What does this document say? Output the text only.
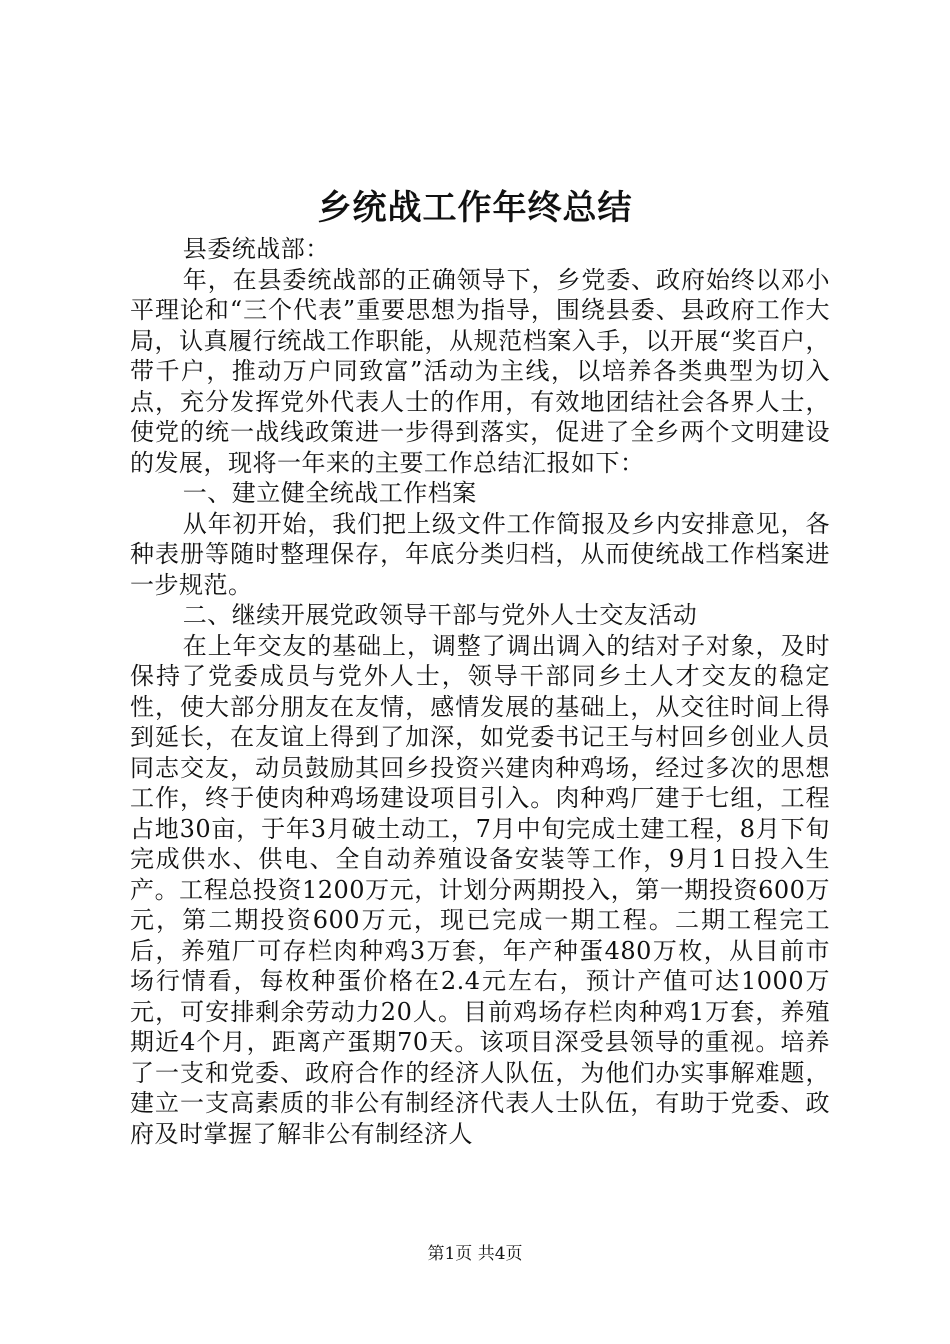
乡统战工作年终总结

县委统战部：

年，在县委统战部的正确领导下，乡党委、政府始终以邓小平理论和“三个代表”重要思想为指导，围绕县委、县政府工作大局，认真履行统战工作职能，从规范档案入手，以开展“奖百户，带千户，推动万户同致富”活动为主线，以培养各类典型为切入点，充分发挥党外代表人士的作用，有效地团结社会各界人士，使党的统一战线政策进一步得到落实，促进了全乡两个文明建设的发展，现将一年来的主要工作总结汇报如下：

一、建立健全统战工作档案

从年初开始，我们把上级文件工作简报及乡内安排意见，各种表册等随时整理保存，年底分类归档，从而使统战工作档案进一步规范。

二、继续开展党政领导干部与党外人士交友活动

在上年交友的基础上，调整了调出调入的结对子对象，及时保持了党委成员与党外人士，领导干部同乡土人才交友的稳定性，使大部分朋友在友情，感情发展的基础上，从交往时间上得到延长，在友谊上得到了加深，如党委书记王与村回乡创业人员同志交友，动员鼓励其回乡投资兴建肉种鸡场，经过多次的思想工作，终于使肉种鸡场建设项目引入。肉种鸡厂建于七组，工程占地30亩，于年3月破土动工，7月中旬完成土建工程，8月下旬完成供水、供电、全自动养殖设备安装等工作，9月1日投入生产。工程总投资1200万元，计划分两期投入，第一期投资600万元，第二期投资600万元，现已完成一期工程。二期工程完工后，养殖厂可存栏肉种鸡3万套，年产种蛋480万枚，从目前市场行情看，每枚种蛋价格在2.4元左右，预计产值可达1000万元，可安排剩余劳动力20人。目前鸡场存栏肉种鸡1万套，养殖期近4个月，距离产蛋期70天。该项目深受县领导的重视。培养了一支和党委、政府合作的经济人队伍，为他们办实事解难题，建立一支高素质的非公有制经济代表人士队伍，有助于党委、政府及时掌握了解非公有制经济人

第1页 共4页
